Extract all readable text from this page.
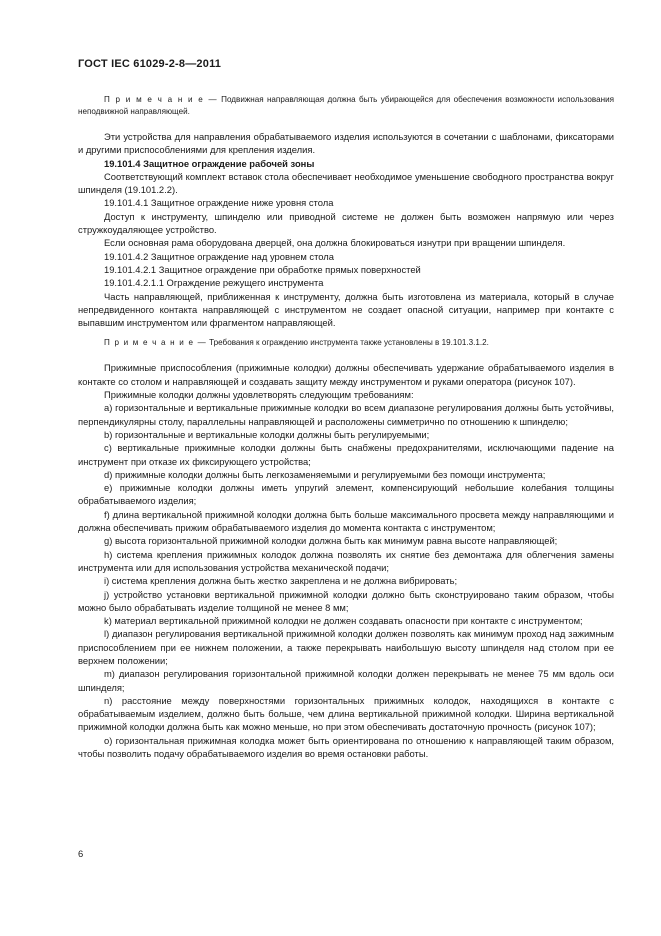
ГОСТ IEC 61029-2-8—2011

П р и м е ч а н и е — Подвижная направляющая должна быть убирающейся для обеспечения возможности использования неподвижной направляющей.

Эти устройства для направления обрабатываемого изделия используются в сочетании с шаблонами, фиксаторами и другими приспособлениями для крепления изделия.

19.101.4 Защитное ограждение рабочей зоны

Соответствующий комплект вставок стола обеспечивает необходимое уменьшение свободного пространства вокруг шпинделя (19.101.2.2).

19.101.4.1 Защитное ограждение ниже уровня стола

Доступ к инструменту, шпинделю или приводной системе не должен быть возможен напрямую или через стружкоудаляющее устройство.

Если основная рама оборудована дверцей, она должна блокироваться изнутри при вращении шпинделя.

19.101.4.2 Защитное ограждение над уровнем стола

19.101.4.2.1 Защитное ограждение при обработке прямых поверхностей

19.101.4.2.1.1 Ограждение режущего инструмента

Часть направляющей, приближенная к инструменту, должна быть изготовлена из материала, который в случае непредвиденного контакта направляющей с инструментом не создает опасной ситуации, например при контакте с выпавшим инструментом или фрагментом направляющей.

П р и м е ч а н и е — Требования к ограждению инструмента также установлены в 19.101.3.1.2.

Прижимные приспособления (прижимные колодки) должны обеспечивать удержание обрабатываемого изделия в контакте со столом и направляющей и создавать защиту между инструментом и руками оператора (рисунок 107).

Прижимные колодки должны удовлетворять следующим требованиям:

а) горизонтальные и вертикальные прижимные колодки во всем диапазоне регулирования должны быть устойчивы, перпендикулярны столу, параллельны направляющей и расположены симметрично по отношению к шпинделю;

b) горизонтальные и вертикальные колодки должны быть регулируемыми;

c) вертикальные прижимные колодки должны быть снабжены предохранителями, исключающими падение на инструмент при отказе их фиксирующего устройства;

d) прижимные колодки должны быть легкозаменяемыми и регулируемыми без помощи инструмента;

e) прижимные колодки должны иметь упругий элемент, компенсирующий небольшие колебания толщины обрабатываемого изделия;

f) длина вертикальной прижимной колодки должна быть больше максимального просвета между направляющими и должна обеспечивать прижим обрабатываемого изделия до момента контакта с инструментом;

g) высота горизонтальной прижимной колодки должна быть как минимум равна высоте направляющей;

h) система крепления прижимных колодок должна позволять их снятие без демонтажа для облегчения замены инструмента или для использования устройства механической подачи;

i) система крепления должна быть жестко закреплена и не должна вибрировать;

j) устройство установки вертикальной прижимной колодки должно быть сконструировано таким образом, чтобы можно было обрабатывать изделие толщиной не менее 8 мм;

k) материал вертикальной прижимной колодки не должен создавать опасности при контакте с инструментом;

l) диапазон регулирования вертикальной прижимной колодки должен позволять как минимум проход над зажимным приспособлением при ее нижнем положении, а также перекрывать наибольшую высоту шпинделя над столом при ее верхнем положении;

m) диапазон регулирования горизонтальной прижимной колодки должен перекрывать не менее 75 мм вдоль оси шпинделя;

n) расстояние между поверхностями горизонтальных прижимных колодок, находящихся в контакте с обрабатываемым изделием, должно быть больше, чем длина вертикальной прижимной колодки. Ширина вертикальной прижимной колодки должна быть как можно меньше, но при этом обеспечивать достаточную прочность (рисунок 107);

о) горизонтальная прижимная колодка может быть ориентирована по отношению к направляющей таким образом, чтобы позволить подачу обрабатываемого изделия во время остановки работы.

6
